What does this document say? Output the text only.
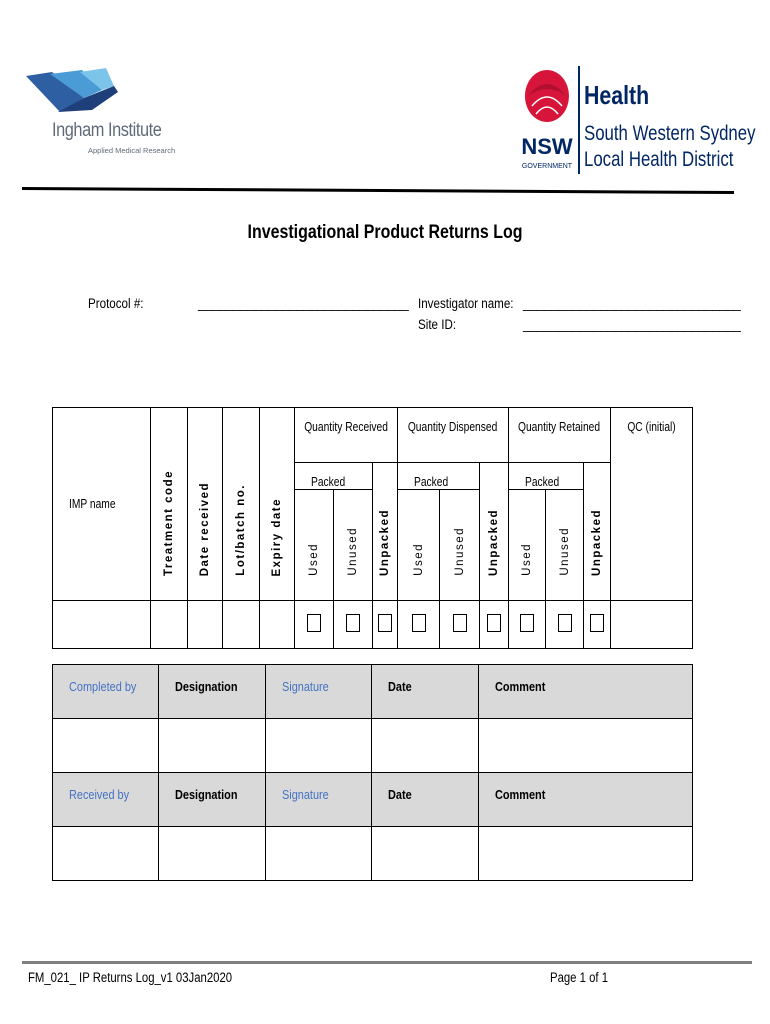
Ingham Institute
Applied Medical Research	NSW
GOVERNMENT
Health
South Western Sydney
Local Health District
Investigational Product Returns Log
Protocol #:	______________________________ Investigator name: _______________________________
Site ID:	_______________________________
IMP name	Treatment code	Date received	Lot/batch no.	Expiry date	Quantity Received			Quantity Dispensed			Quantity Retained			QC (initial)
					Packed		Unpacked	Packed		Unpacked	Packed		Unpacked	

					Used	Unused		Used	Unused		Used	Unused		

Completed by	Designation	Signature	Date	Comment

Received by	Designation	Signature	Date	Comment

FM_021_ IP Returns Log_v1 03Jan2020	Page 1 of 1
